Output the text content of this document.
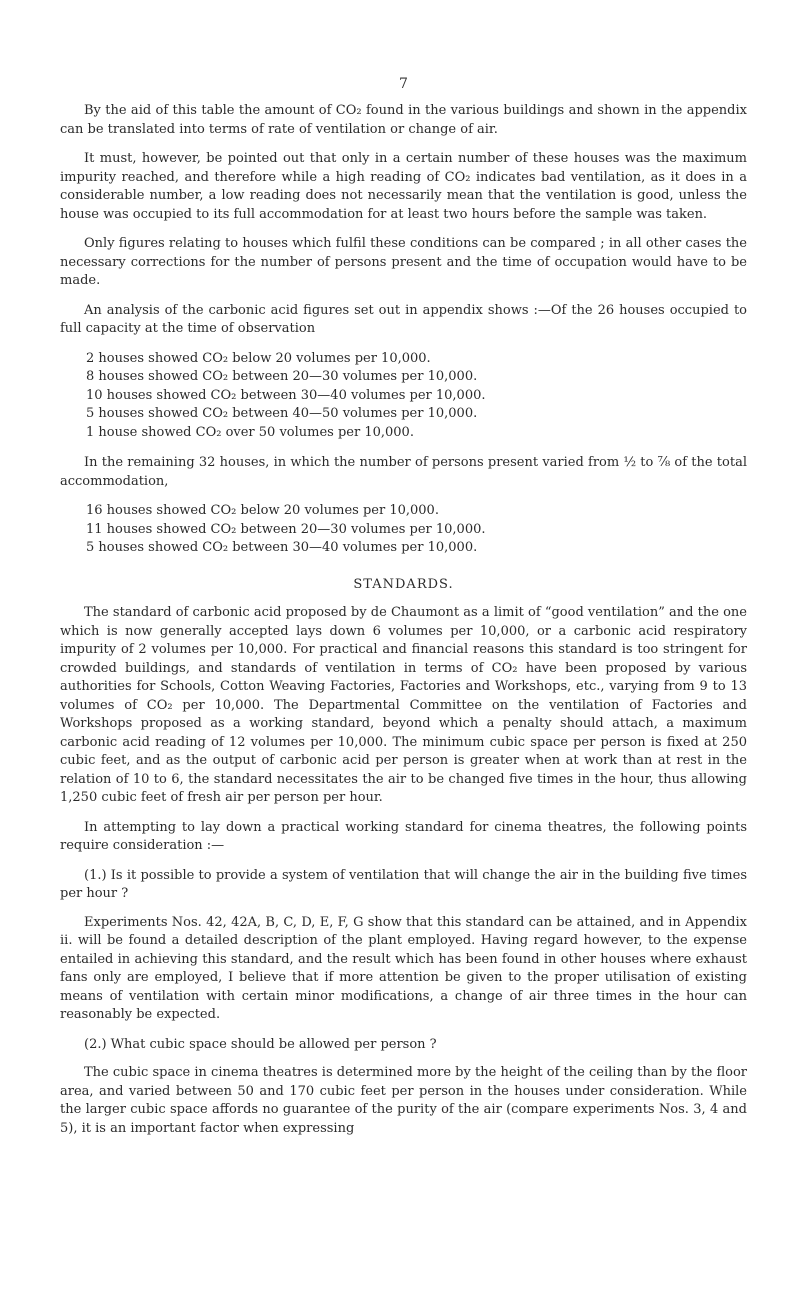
7

By the aid of this table the amount of CO₂ found in the various buildings and shown in the appendix can be translated into terms of rate of ventilation or change of air.

It must, however, be pointed out that only in a certain number of these houses was the maximum impurity reached, and therefore while a high reading of CO₂ indicates bad ventilation, as it does in a considerable number, a low reading does not necessarily mean that the ventilation is good, unless the house was occupied to its full accommodation for at least two hours before the sample was taken.

Only figures relating to houses which fulfil these conditions can be compared ; in all other cases the necessary corrections for the number of persons present and the time of occupation would have to be made.

An analysis of the carbonic acid figures set out in appendix shows :—Of the 26 houses occupied to full capacity at the time of observation

2 houses showed CO₂ below 20 volumes per 10,000.
8 houses showed CO₂ between 20—30 volumes per 10,000.
10 houses showed CO₂ between 30—40 volumes per 10,000.
5 houses showed CO₂ between 40—50 volumes per 10,000.
1 house showed CO₂ over 50 volumes per 10,000.

In the remaining 32 houses, in which the number of persons present varied from ½ to ⅞ of the total accommodation,

16 houses showed CO₂ below 20 volumes per 10,000.
11 houses showed CO₂ between 20—30 volumes per 10,000.
5 houses showed CO₂ between 30—40 volumes per 10,000.
STANDARDS.

The standard of carbonic acid proposed by de Chaumont as a limit of “good ventilation” and the one which is now generally accepted lays down 6 volumes per 10,000, or a carbonic acid respiratory impurity of 2 volumes per 10,000. For practical and financial reasons this standard is too stringent for crowded buildings, and standards of ventilation in terms of CO₂ have been proposed by various authorities for Schools, Cotton Weaving Factories, Factories and Workshops, etc., varying from 9 to 13 volumes of CO₂ per 10,000. The Departmental Committee on the ventilation of Factories and Workshops proposed as a working standard, beyond which a penalty should attach, a maximum carbonic acid reading of 12 volumes per 10,000. The minimum cubic space per person is fixed at 250 cubic feet, and as the output of carbonic acid per person is greater when at work than at rest in the relation of 10 to 6, the standard necessitates the air to be changed five times in the hour, thus allowing 1,250 cubic feet of fresh air per person per hour.

In attempting to lay down a practical working standard for cinema theatres, the following points require consideration :—

(1.) Is it possible to provide a system of ventilation that will change the air in the building five times per hour ?

Experiments Nos. 42, 42A, B, C, D, E, F, G show that this standard can be attained, and in Appendix ii. will be found a detailed description of the plant employed. Having regard however, to the expense entailed in achieving this standard, and the result which has been found in other houses where exhaust fans only are employed, I believe that if more attention be given to the proper utilisation of existing means of ventilation with certain minor modifications, a change of air three times in the hour can reasonably be expected.

(2.) What cubic space should be allowed per person ?

The cubic space in cinema theatres is determined more by the height of the ceiling than by the floor area, and varied between 50 and 170 cubic feet per person in the houses under consideration. While the larger cubic space affords no guarantee of the purity of the air (compare experiments Nos. 3, 4 and 5), it is an important factor when expressing
